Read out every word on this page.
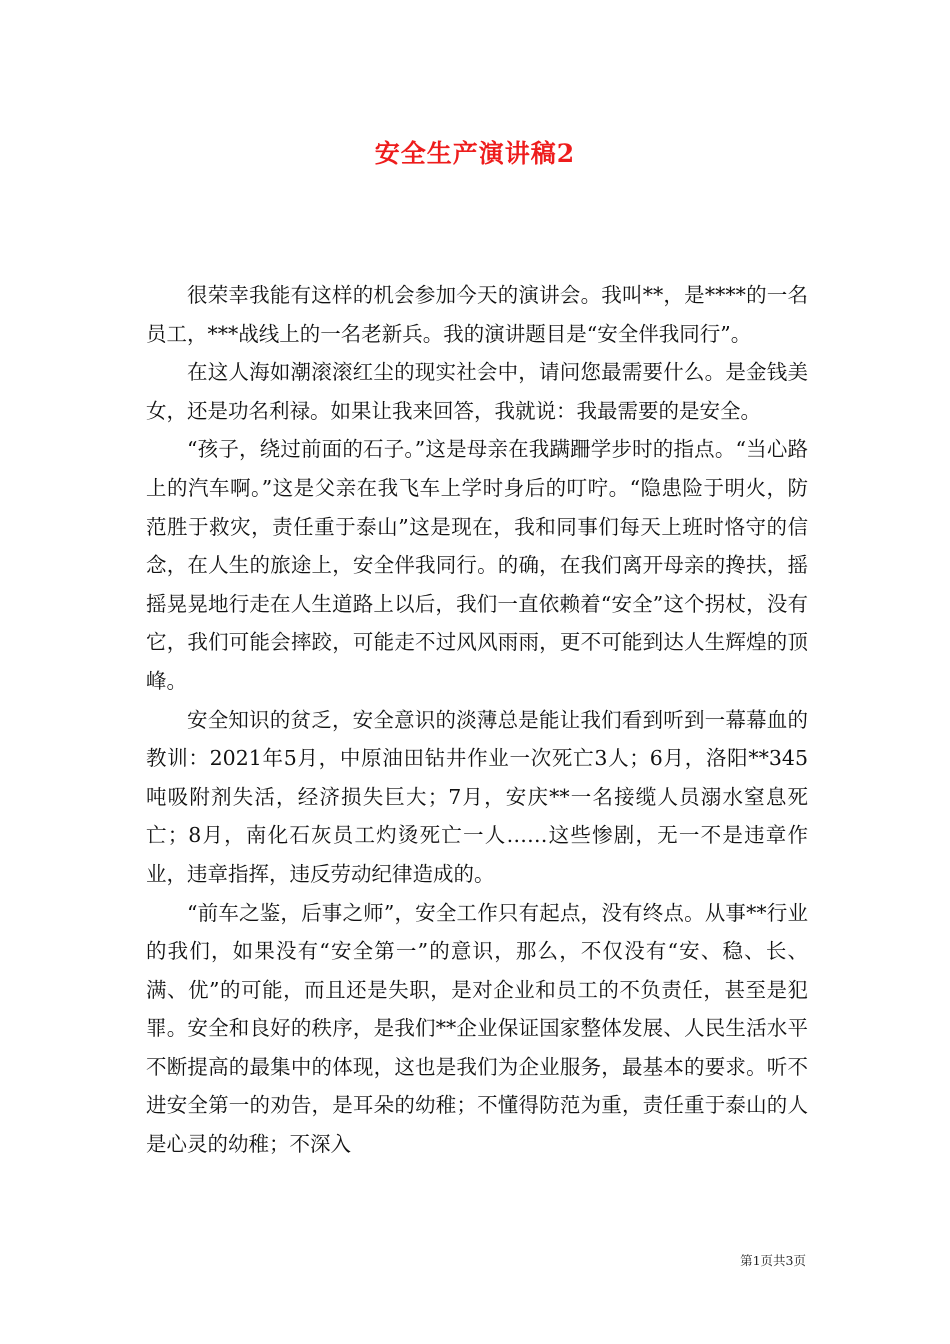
安全生产演讲稿2

很荣幸我能有这样的机会参加今天的演讲会。我叫**，是****的一名员工，***战线上的一名老新兵。我的演讲题目是“安全伴我同行”。

在这人海如潮滚滚红尘的现实社会中，请问您最需要什么。是金钱美女，还是功名利禄。如果让我来回答，我就说：我最需要的是安全。

“孩子，绕过前面的石子。”这是母亲在我蹒跚学步时的指点。“当心路上的汽车啊。”这是父亲在我飞车上学时身后的叮咛。“隐患险于明火，防范胜于救灾，责任重于泰山”这是现在，我和同事们每天上班时恪守的信念，在人生的旅途上，安全伴我同行。的确，在我们离开母亲的搀扶，摇摇晃晃地行走在人生道路上以后，我们一直依赖着“安全”这个拐杖，没有它，我们可能会摔跤，可能走不过风风雨雨，更不可能到达人生辉煌的顶峰。

安全知识的贫乏，安全意识的淡薄总是能让我们看到听到一幕幕血的教训：2021年5月，中原油田钻井作业一次死亡3人；6月，洛阳**345吨吸附剂失活，经济损失巨大；7月，安庆**一名接缆人员溺水窒息死亡；8月，南化石灰员工灼烫死亡一人……这些惨剧，无一不是违章作业，违章指挥，违反劳动纪律造成的。

“前车之鉴，后事之师”，安全工作只有起点，没有终点。从事**行业的我们，如果没有“安全第一”的意识，那么，不仅没有“安、稳、长、满、优”的可能，而且还是失职，是对企业和员工的不负责任，甚至是犯罪。安全和良好的秩序，是我们**企业保证国家整体发展、人民生活水平不断提高的最集中的体现，这也是我们为企业服务，最基本的要求。听不进安全第一的劝告，是耳朵的幼稚；不懂得防范为重，责任重于泰山的人是心灵的幼稚；不深入

第1页共3页
